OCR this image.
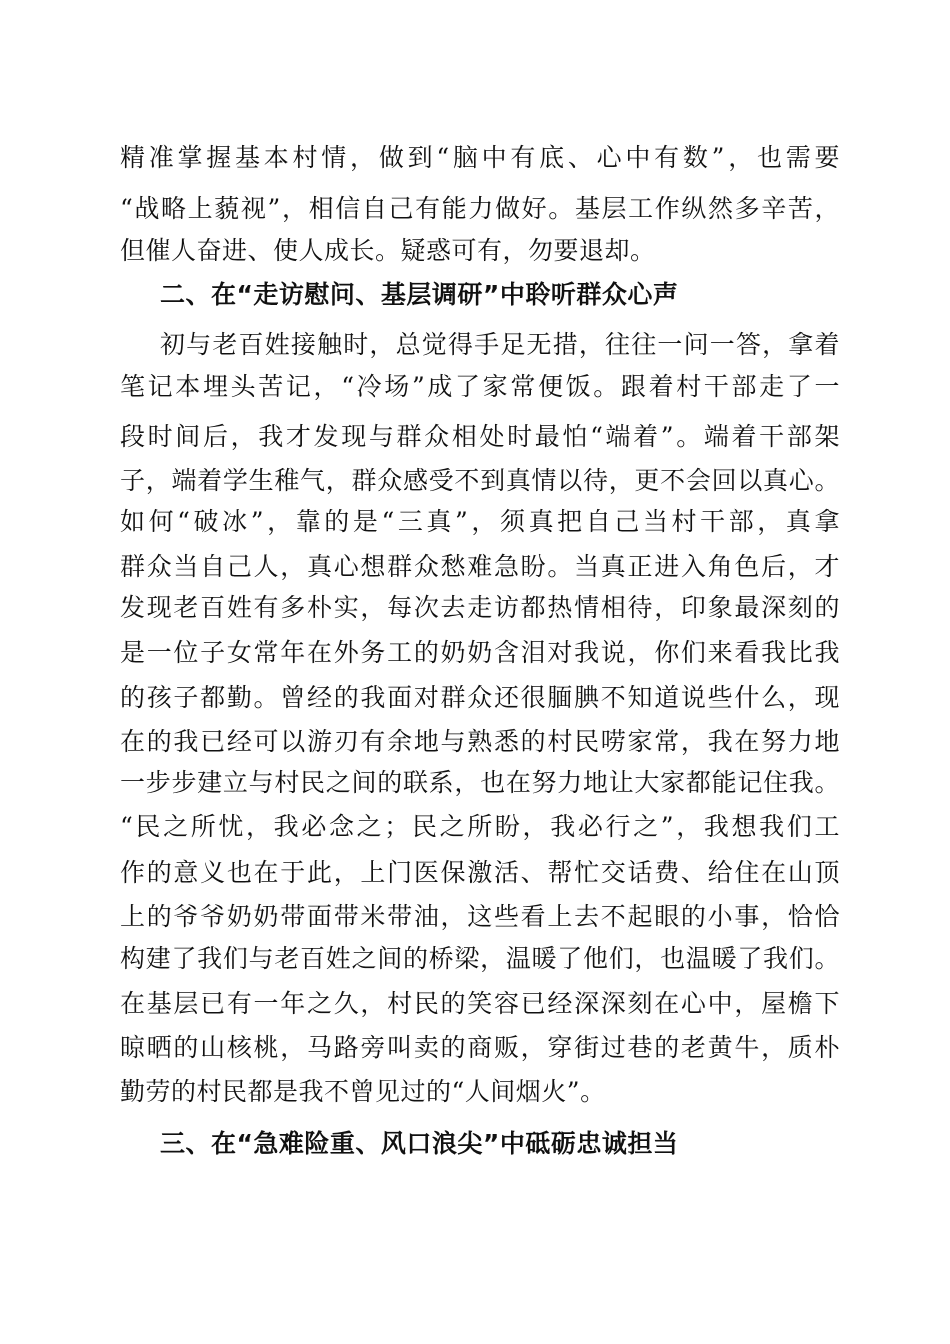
精准掌握基本村情，做到“脑中有底、心中有数”，也需要
“战略上藐视”，相信自己有能力做好。基层工作纵然多辛苦，
但催人奋进、使人成长。疑惑可有，勿要退却。
二、在“走访慰问、基层调研”中聆听群众心声
初与老百姓接触时，总觉得手足无措，往往一问一答，拿着
笔记本埋头苦记，“冷场”成了家常便饭。跟着村干部走了一
段时间后，我才发现与群众相处时最怕“端着”。端着干部架
子，端着学生稚气，群众感受不到真情以待，更不会回以真心。
如何“破冰”，靠的是“三真”，须真把自己当村干部，真拿
群众当自己人，真心想群众愁难急盼。当真正进入角色后，才
发现老百姓有多朴实，每次去走访都热情相待，印象最深刻的
是一位子女常年在外务工的奶奶含泪对我说，你们来看我比我
的孩子都勤。曾经的我面对群众还很腼腆不知道说些什么，现
在的我已经可以游刃有余地与熟悉的村民唠家常，我在努力地
一步步建立与村民之间的联系，也在努力地让大家都能记住我。
“民之所忧，我必念之；民之所盼，我必行之”，我想我们工
作的意义也在于此，上门医保激活、帮忙交话费、给住在山顶
上的爷爷奶奶带面带米带油，这些看上去不起眼的小事，恰恰
构建了我们与老百姓之间的桥梁，温暖了他们，也温暖了我们。
在基层已有一年之久，村民的笑容已经深深刻在心中，屋檐下
晾晒的山核桃，马路旁叫卖的商贩，穿街过巷的老黄牛，质朴
勤劳的村民都是我不曾见过的“人间烟火”。
三、在“急难险重、风口浪尖”中砥砺忠诚担当
